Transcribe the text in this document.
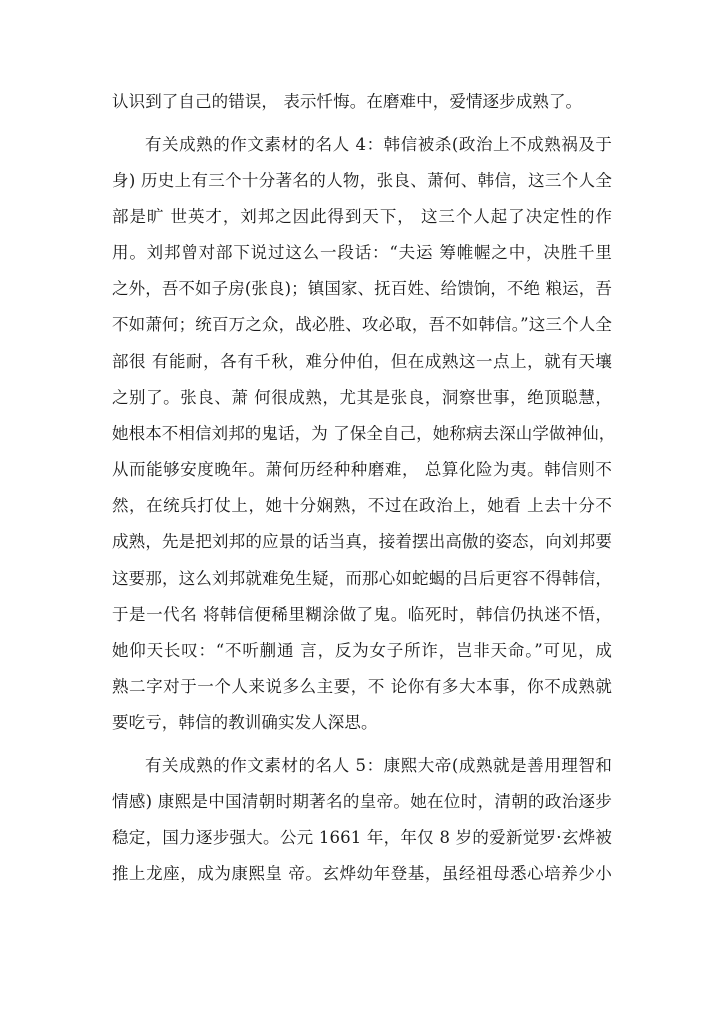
认识到了自己的错误， 表示忏悔。在磨难中，爱情逐步成熟了。
有关成熟的作文素材的名人 4：韩信被杀(政治上不成熟祸及于
身) 历史上有三个十分著名的人物，张良、萧何、韩信，这三个人全
部是旷 世英才，刘邦之因此得到天下， 这三个人起了决定性的作
用。刘邦曾对部下说过这么一段话：“夫运 筹帷幄之中，决胜千里
之外，吾不如子房(张良)；镇国家、抚百姓、给馈饷，不绝 粮运，吾
不如萧何；统百万之众，战必胜、攻必取，吾不如韩信。”这三个人全
部很 有能耐，各有千秋，难分仲伯，但在成熟这一点上，就有天壤
之别了。张良、萧 何很成熟，尤其是张良，洞察世事，绝顶聪慧，
她根本不相信刘邦的鬼话，为 了保全自己，她称病去深山学做神仙，
从而能够安度晚年。萧何历经种种磨难， 总算化险为夷。韩信则不
然，在统兵打仗上，她十分娴熟，不过在政治上，她看 上去十分不
成熟，先是把刘邦的应景的话当真，接着摆出高傲的姿态，向刘邦要
这要那，这么刘邦就难免生疑，而那心如蛇蝎的吕后更容不得韩信，
于是一代名 将韩信便稀里糊涂做了鬼。临死时，韩信仍执迷不悟，
她仰天长叹：“不听蒯通 言，反为女子所诈，岂非天命。”可见，成
熟二字对于一个人来说多么主要，不 论你有多大本事，你不成熟就
要吃亏，韩信的教训确实发人深思。
有关成熟的作文素材的名人 5：康熙大帝(成熟就是善用理智和
情感) 康熙是中国清朝时期著名的皇帝。她在位时，清朝的政治逐步
稳定，国力逐步强大。公元 1661 年，年仅 8 岁的爱新觉罗·玄烨被
推上龙座，成为康熙皇 帝。玄烨幼年登基，虽经祖母悉心培养少小
